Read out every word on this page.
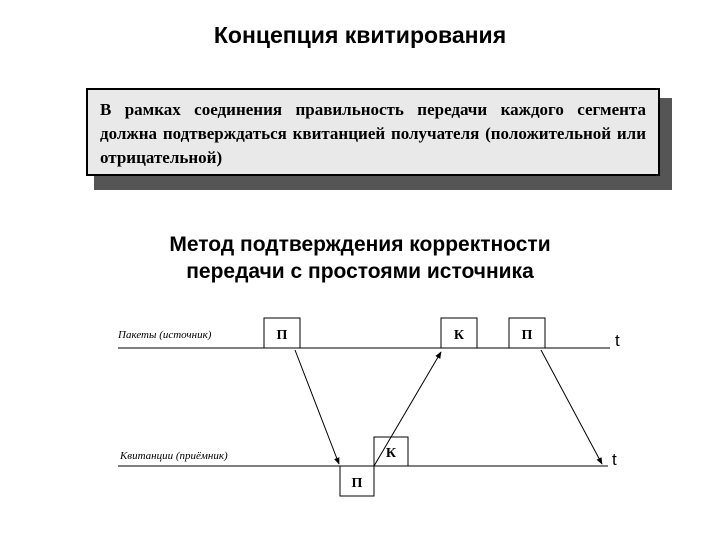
Концепция квитирования
В рамках соединения правильность передачи каждого сегмента должна подтверждаться квитанцией получателя (положительной или отрицательной)
Метод подтверждения корректности
передачи с простоями источника
Пакеты (источник)
Квитанции (приёмник)
t
П	К	П
t
П
К
